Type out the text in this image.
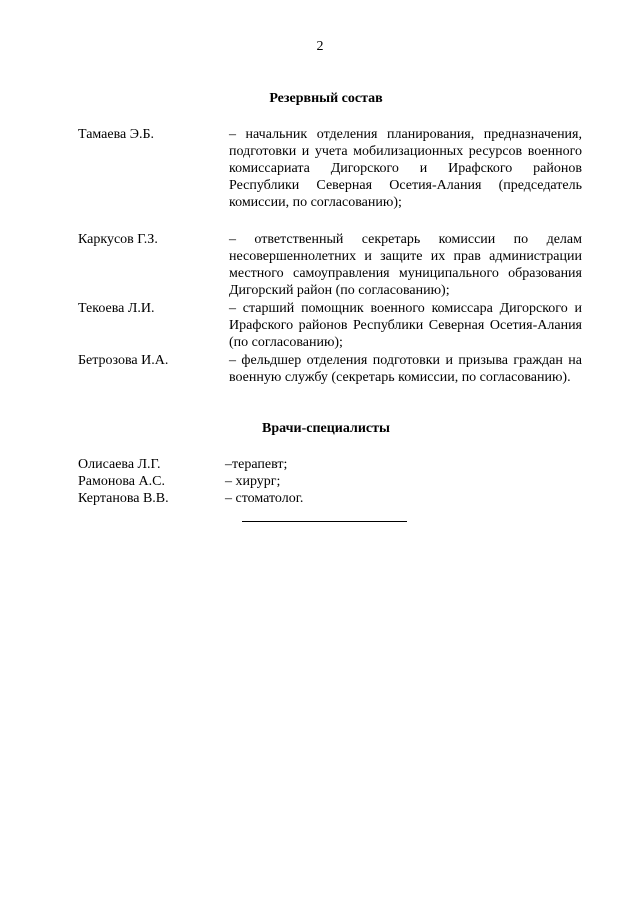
2
Резервный состав
Тамаева Э.Б.	– начальник отделения планирования, предназначения, подготовки и учета мобилизационных ресурсов военного комиссариата Дигорского и Ирафского районов Республики Северная Осетия-Алания (председатель комиссии, по согласованию);
Каркусов Г.З.	– ответственный секретарь комиссии по делам несовершеннолетних и защите их прав администрации местного самоуправления муниципального образования Дигорский район (по согласованию);
Текоева Л.И.	– старший помощник военного комиссара Дигорского и Ирафского районов Республики Северная Осетия-Алания (по согласованию);
Бетрозова И.А.	– фельдшер отделения подготовки и призыва граждан на военную службу (секретарь комиссии, по согласованию).
Врачи-специалисты
Олисаева Л.Г.	–терапевт;
Рамонова А.С.	– хирург;
Кертанова В.В.	– стоматолог.
